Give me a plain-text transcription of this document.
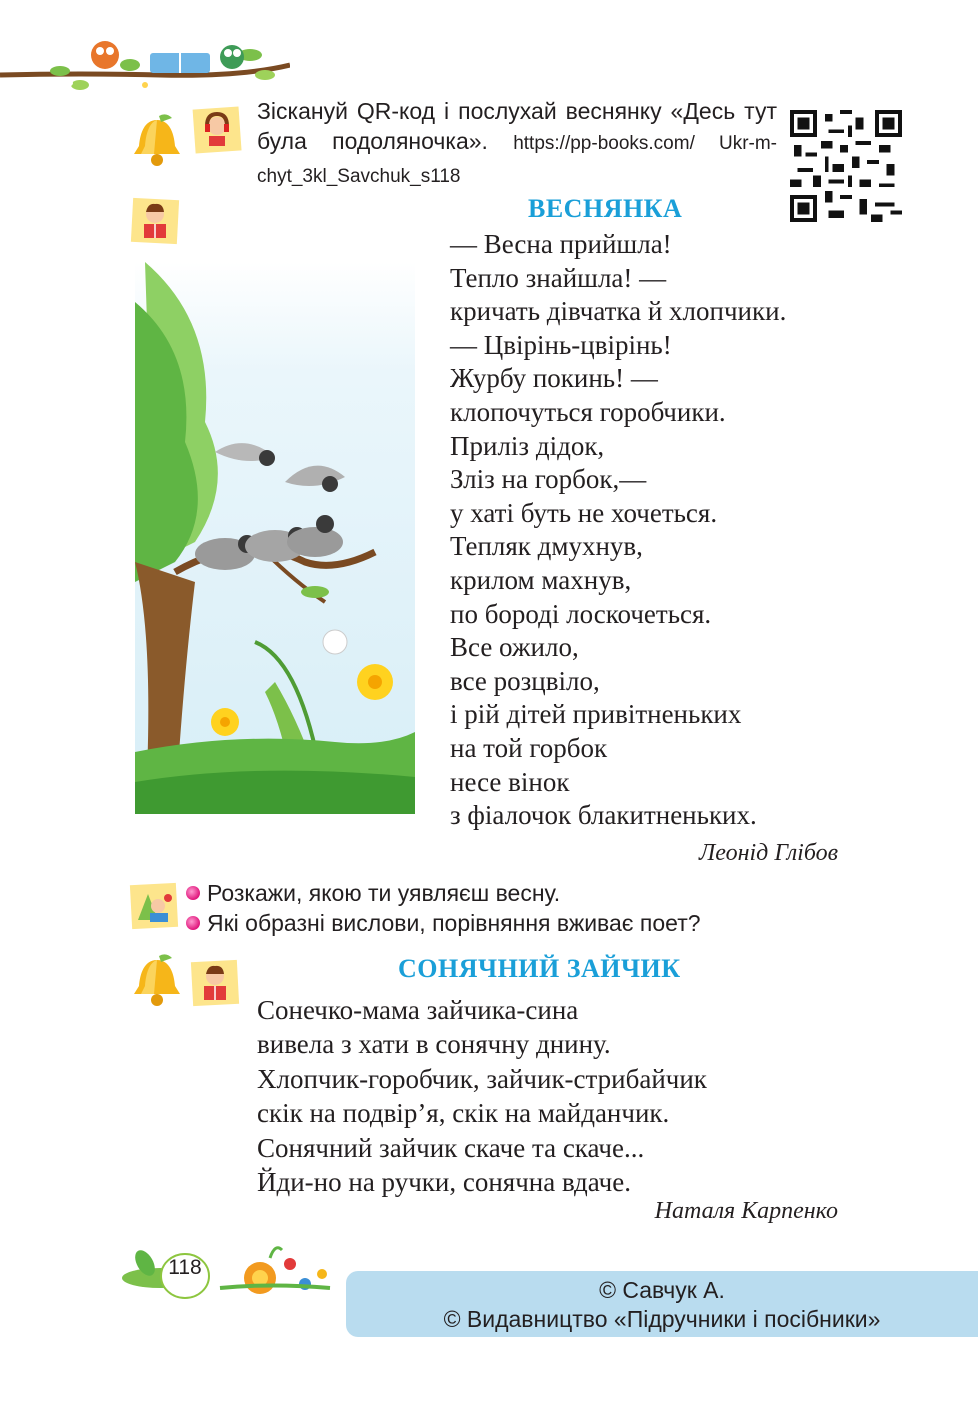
Зіскануй QR-код і послухай веснянку «Десь тут була подоляночка». https://pp-books.com/ Ukr-m-chyt_3kl_Savchuk_s118
ВЕСНЯНКА
— Весна прийшла!
Тепло знайшла! —
кричать дівчатка й хлопчики.
— Цвірінь-цвірінь!
Журбу покинь! —
клопочуться горобчики.
Приліз дідок,
Зліз на горбок,—
у хаті буть не хочеться.
Тепляк дмухнув,
крилом махнув,
по бороді лоскочеться.
Все ожило,
все розцвіло,
і рій дітей привітненьких
на той горбок
несе вінок
з фіалочок блакитненьких.
Леонід Глібов
Розкажи, якою ти уявляєш весну.
Які образні вислови, порівняння вживає поет?
СОНЯЧНИЙ ЗАЙЧИК
Сонечко-мама зайчика-сина
вивела з хати в сонячну днину.
Хлопчик-горобчик, зайчик-стрибайчик
скік на подвір’я, скік на майданчик.
Сонячний зайчик скаче та скаче...
Йди-но на ручки, сонячна вдаче.
Наталя Карпенко
118
© Савчук А.
© Видавництво «Підручники і посібники»
